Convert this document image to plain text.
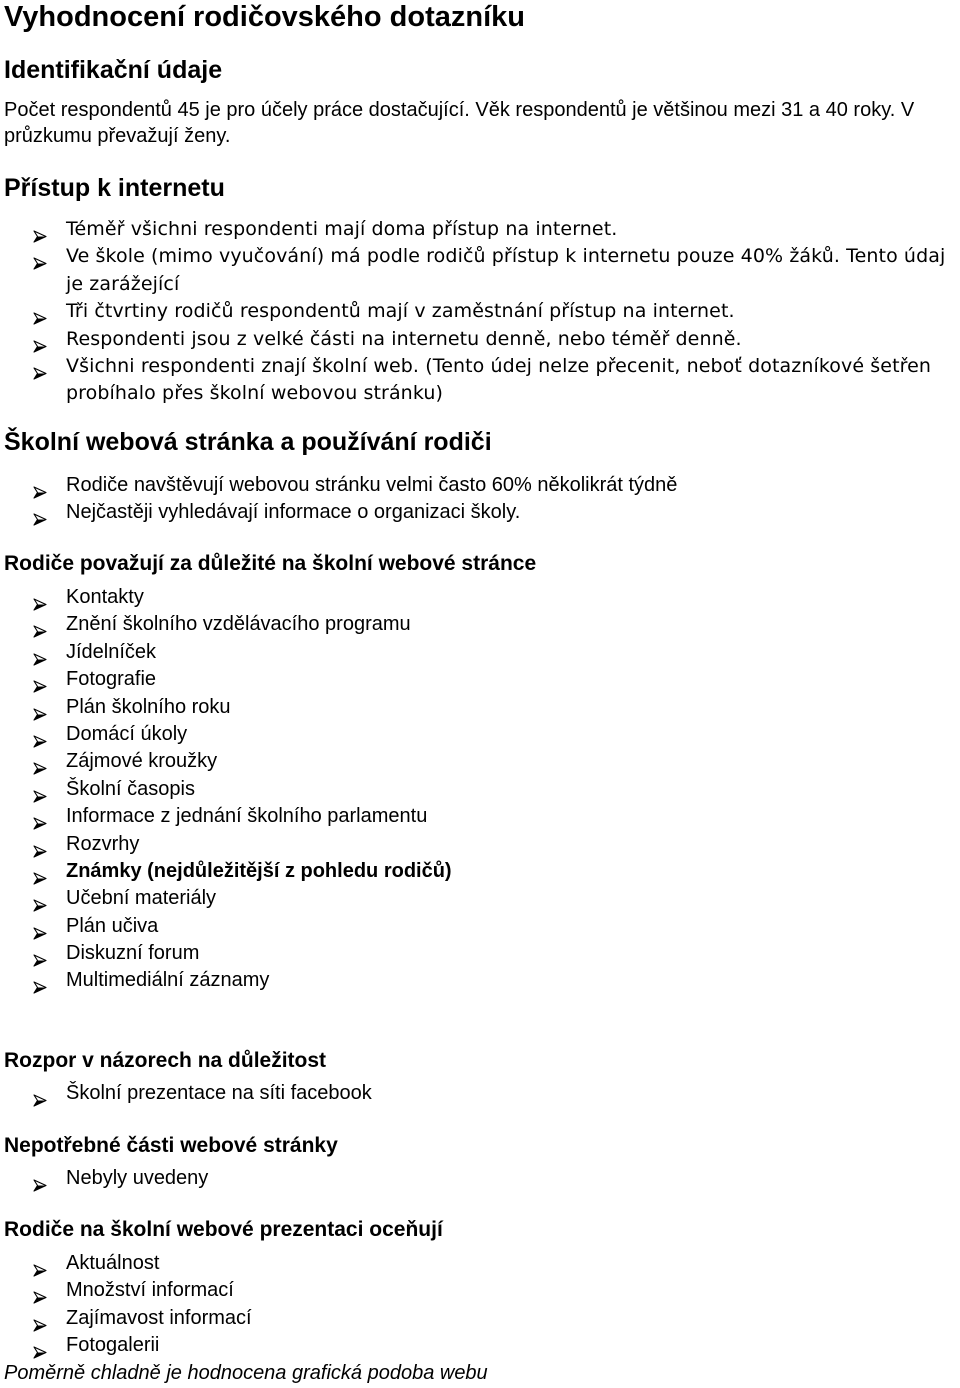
Vyhodnocení rodičovského dotazníku
Identifikační údaje

Počet respondentů 45 je pro účely práce dostačující. Věk respondentů je většinou mezi 31 a 40 roky. V průzkumu převažují ženy.

Přístup k internetu
Téměř všichni respondenti mají doma přístup na internet.
Ve škole (mimo vyučování) má podle rodičů přístup k internetu pouze 40% žáků. Tento údaj je zarážející
Tři čtvrtiny rodičů respondentů mají v zaměstnání přístup na internet.
Respondenti jsou z velké části na internetu denně, nebo téměř denně.
Všichni respondenti znají školní web. (Tento údej nelze přecenit, neboť dotazníkové šetřen probíhalo přes školní webovou stránku)
Školní webová stránka a používání rodiči
Rodiče navštěvují webovou stránku velmi často 60% několikrát týdně
Nejčastěji vyhledávají informace o organizaci školy.
Rodiče považují za důležité na školní webové stránce
Kontakty
Znění školního vzdělávacího programu
Jídelníček
Fotografie
Plán školního roku
Domácí úkoly
Zájmové kroužky
Školní časopis
Informace z jednání školního parlamentu
Rozvrhy
Známky (nejdůležitější z pohledu rodičů)
Učební materiály
Plán učiva
Diskuzní forum
Multimediální záznamy
Rozpor v názorech na důležitost
Školní prezentace na síti facebook
Nepotřebné části webové stránky
Nebyly uvedeny
Rodiče na školní webové prezentaci oceňují
Aktuálnost
Množství informací
Zajímavost informací
Fotogalerii
Poměrně chladně je hodnocena grafická podoba webu
